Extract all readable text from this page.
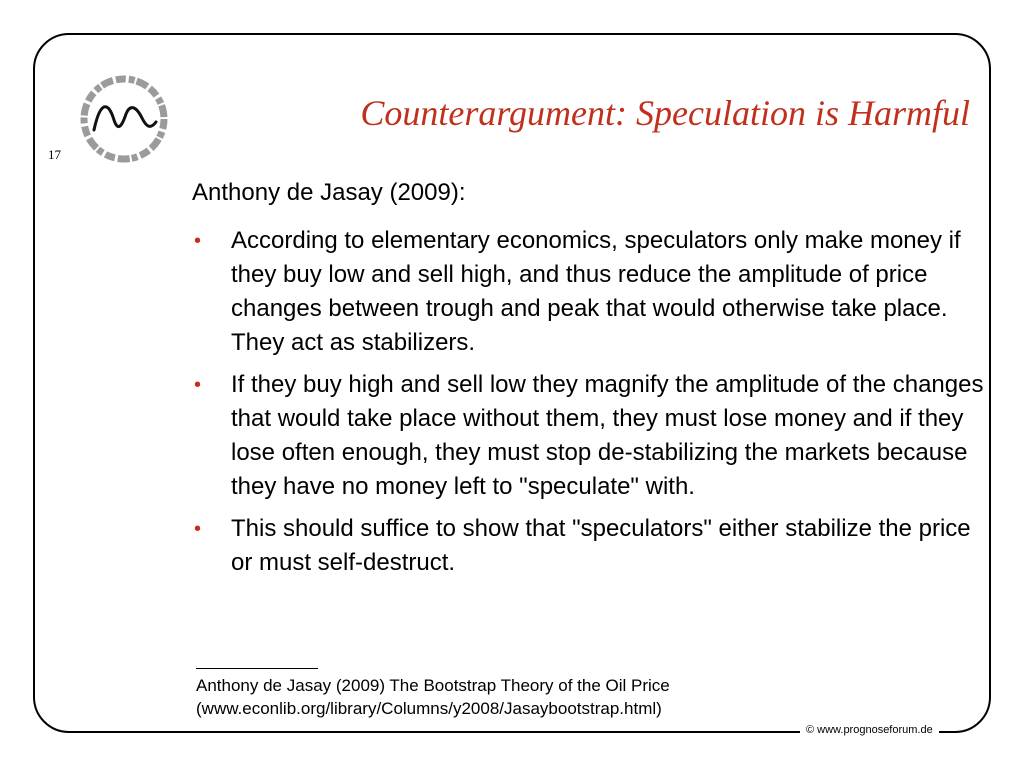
17
Counterargument: Speculation is Harmful

Anthony de Jasay (2009):

• According to elementary economics, speculators only make money if they buy low and sell high, and thus reduce the amplitude of price changes between trough and peak that would otherwise take place. They act as stabilizers.
• If they buy high and sell low they magnify the amplitude of the changes that would take place without them, they must lose money and if they lose often enough, they must stop de-stabilizing the markets because they have no money left to "speculate" with.
• This should suffice to show that "speculators" either stabilize the price or must self-destruct.
Anthony de Jasay (2009) The Bootstrap Theory of the Oil Price
(www.econlib.org/library/Columns/y2008/Jasaybootstrap.html)
© www.prognoseforum.de
